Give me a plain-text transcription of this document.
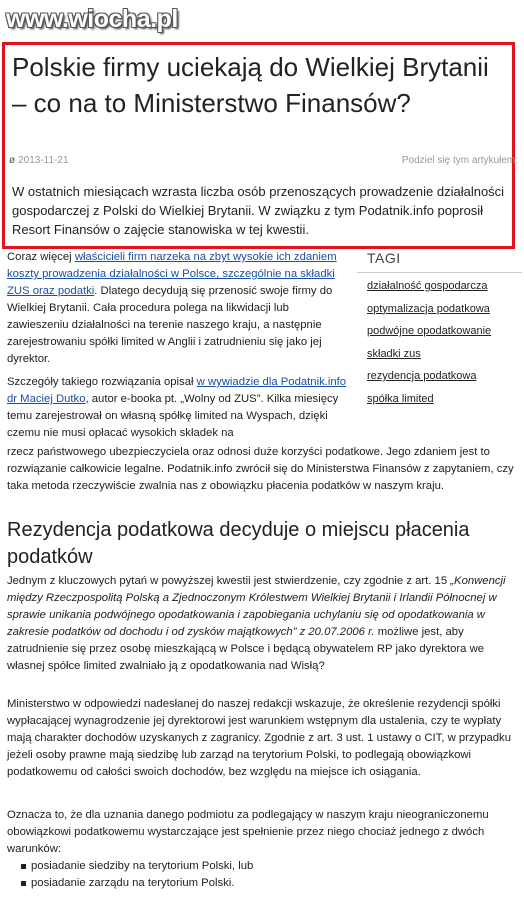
www.wiocha.pl
Polskie firmy uciekają do Wielkiej Brytanii – co na to Ministerstwo Finansów?
ø 2013-11-21	Podziel się tym artykułem:

W ostatnich miesiącach wzrasta liczba osób przenoszących prowadzenie działalności gospodarczej z Polski do Wielkiej Brytanii. W związku z tym Podatnik.info poprosił Resort Finansów o zajęcie stanowiska w tej kwestii.

TAGI
działalność gospodarcza
optymalizacja podatkowa
podwójne opodatkowanie
składki zus
rezydencja podatkowa
spółka limited

Coraz więcej właścicieli firm narzeka na zbyt wysokie ich zdaniem koszty prowadzenia działalności w Polsce, szczególnie na składki ZUS oraz podatki. Dlatego decydują się przenosić swoje firmy do Wielkiej Brytanii. Cała procedura polega na likwidacji lub zawieszeniu działalności na terenie naszego kraju, a następnie zarejestrowaniu spółki limited w Anglii i zatrudnieniu się jako jej dyrektor.

Szczegóły takiego rozwiązania opisał w wywiadzie dla Podatnik.info dr Maciej Dutko, autor e-booka pt. „Wolny od ZUS”. Kilka miesięcy temu zarejestrował on własną spółkę limited na Wyspach, dzięki czemu nie musi opłacać wysokich składek na

rzecz państwowego ubezpieczyciela oraz odnosi duże korzyści podatkowe. Jego zdaniem jest to rozwiązanie całkowicie legalne. Podatnik.info zwrócił się do Ministerstwa Finansów z zapytaniem, czy taka metoda rzeczywiście zwalnia nas z obowiązku płacenia podatków w naszym kraju.

Rezydencja podatkowa decyduje o miejscu płacenia podatków

Jednym z kluczowych pytań w powyższej kwestii jest stwierdzenie, czy zgodnie z art. 15 „Konwencji między Rzeczpospolitą Polską a Zjednoczonym Królestwem Wielkiej Brytanii i Irlandii Północnej w sprawie unikania podwójnego opodatkowania i zapobiegania uchylaniu się od opodatkowania w zakresie podatków od dochodu i od zysków majątkowych” z 20.07.2006 r. możliwe jest, aby zatrudnienie się przez osobę mieszkającą w Polsce i będącą obywatelem RP jako dyrektora we własnej spółce limited zwalniało ją z opodatkowania nad Wisłą?

Ministerstwo w odpowiedzi nadesłanej do naszej redakcji wskazuje, że określenie rezydencji spółki wypłacającej wynagrodzenie jej dyrektorowi jest warunkiem wstępnym dla ustalenia, czy te wypłaty mają charakter dochodów uzyskanych z zagranicy. Zgodnie z art. 3 ust. 1 ustawy o CIT, w przypadku jeżeli osoby prawne mają siedzibę lub zarząd na terytorium Polski, to podlegają obowiązkowi podatkowemu od całości swoich dochodów, bez względu na miejsce ich osiągania.

Oznacza to, że dla uznania danego podmiotu za podlegający w naszym kraju nieograniczonemu obowiązkowi podatkowemu wystarczające jest spełnienie przez niego chociaż jednego z dwóch warunków:

posiadanie siedziby na terytorium Polski, lub
posiadanie zarządu na terytorium Polski.
